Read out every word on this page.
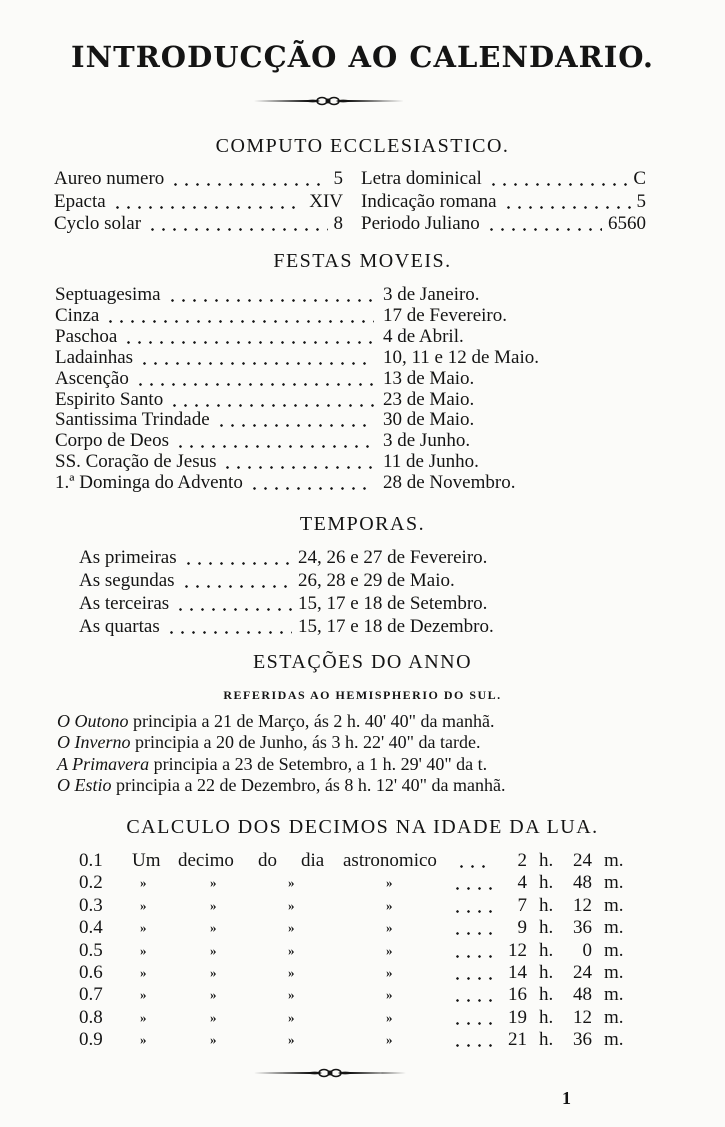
INTRODUCÇÃO AO CALENDARIO.
COMPUTO ECCLESIASTICO.
Aureo numero	5 Letra dominical	C
Epacta	XIV Indicação romana	5
Cyclo solar	8 Periodo Juliano	6560
FESTAS MOVEIS.
Septuagesima	3 de Janeiro.
Cinza	17 de Fevereiro.
Paschoa	4 de Abril.
Ladainhas	10, 11 e 12 de Maio.
Ascenção	13 de Maio.
Espirito Santo	23 de Maio.
Santissima Trindade	30 de Maio.
Corpo de Deos	3 de Junho.
SS. Coração de Jesus	11 de Junho.
1.ª Dominga do Advento	28 de Novembro.
TEMPORAS.
As primeiras	24, 26 e 27 de Fevereiro.
As segundas	26, 28 e 29 de Maio.
As terceiras	15, 17 e 18 de Setembro.
As quartas	15, 17 e 18 de Dezembro.
ESTAÇÕES DO ANNO
REFERIDAS AO HEMISPHERIO DO SUL.
O Outono principia a 21 de Março, ás 2 h. 40' 40" da manhã.
O Inverno principia a 20 de Junho, ás 3 h. 22' 40" da tarde.
A Primavera principia a 23 de Setembro, a 1 h. 29' 40" da t.
O Estio principia a 22 de Dezembro, ás 8 h. 12' 40" da manhã.
CALCULO DOS DECIMOS NA IDADE DA LUA.
0.1 Um decimo do dia astronomico	2 h. 24 m.
0.2	»	»	»	»	4 h. 48 m.
0.3	»	»	»	»	7 h. 12 m.
0.4	»	»	»	»	9 h. 36 m.
0.5	»	»	»	»	12 h. 0 m.
0.6	»	»	»	»	14 h. 24 m.
0.7	»	»	»	»	16 h. 48 m.
0.8	»	»	»	»	19 h. 12 m.
0.9	»	»	»	»	21 h. 36 m.
1
